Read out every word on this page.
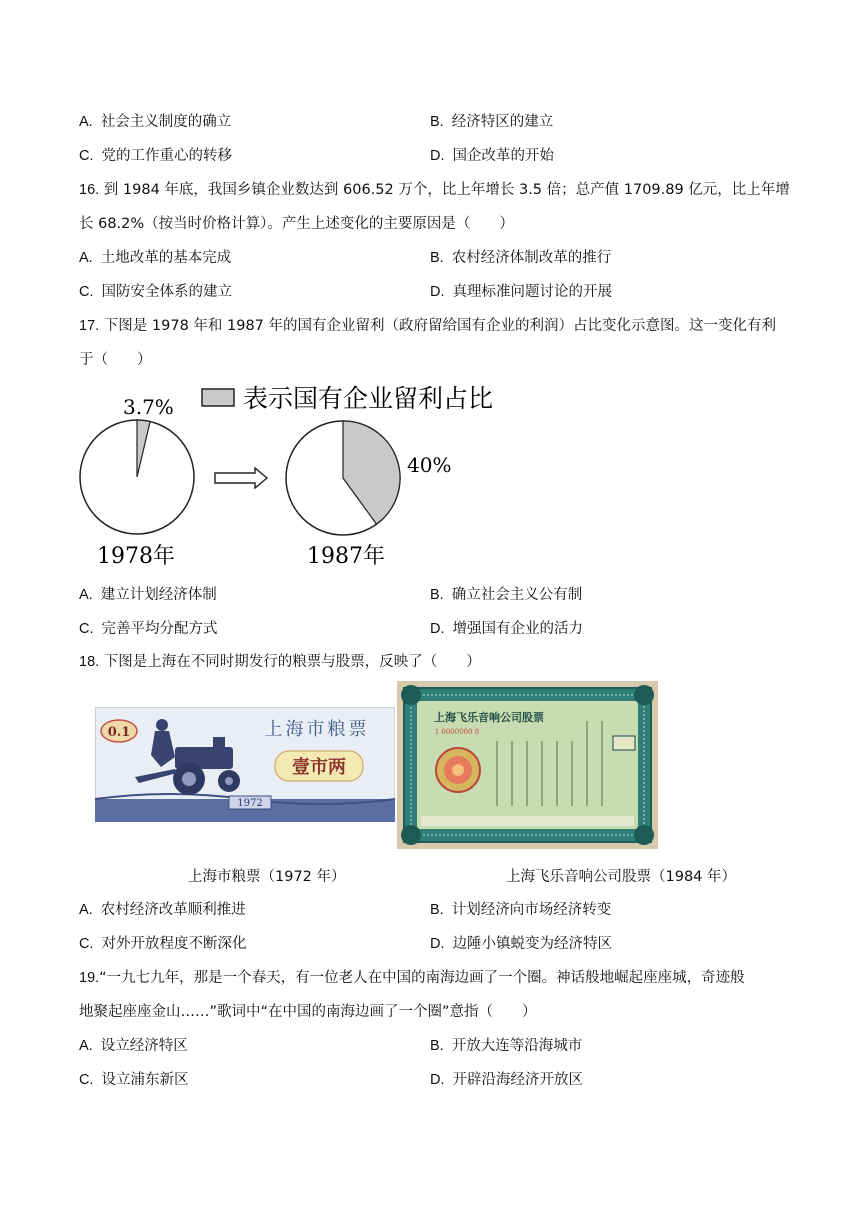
A. 社会主义制度的确立	B. 经济特区的建立
C. 党的工作重心的转移	D. 国企改革的开始
16. 到 1984 年底，我国乡镇企业数达到 606.52 万个，比上年增长 3.5 倍；总产值 1709.89 亿元，比上年增
长 68.2%（按当时价格计算）。产生上述变化的主要原因是（　　）
A. 土地改革的基本完成	B. 农村经济体制改革的推行
C. 国防安全体系的建立	D. 真理标准问题讨论的开展
17. 下图是 1978 年和 1987 年的国有企业留利（政府留给国有企业的利润）占比变化示意图。这一变化有利
于（　　）
表示国有企业留利占比
3.7%
1978年
40%
1987年
A. 建立计划经济体制	B. 确立社会主义公有制
C. 完善平均分配方式	D. 增强国有企业的活力
18. 下图是上海在不同时期发行的粮票与股票，反映了（　　）
1972
0.1	上海市粮票
壹市两
上海飞乐音响公司股票
1 0000000 8
上海市粮票（1972 年）	上海飞乐音响公司股票（1984 年）
A. 农村经济改革顺利推进	B. 计划经济向市场经济转变
C. 对外开放程度不断深化	D. 边陲小镇蜕变为经济特区
19.“一九七九年，那是一个春天，有一位老人在中国的南海边画了一个圈。神话般地崛起座座城，奇迹般
地聚起座座金山……”歌词中“在中国的南海边画了一个圈”意指（　　）
A. 设立经济特区	B. 开放大连等沿海城市
C. 设立浦东新区	D. 开辟沿海经济开放区
